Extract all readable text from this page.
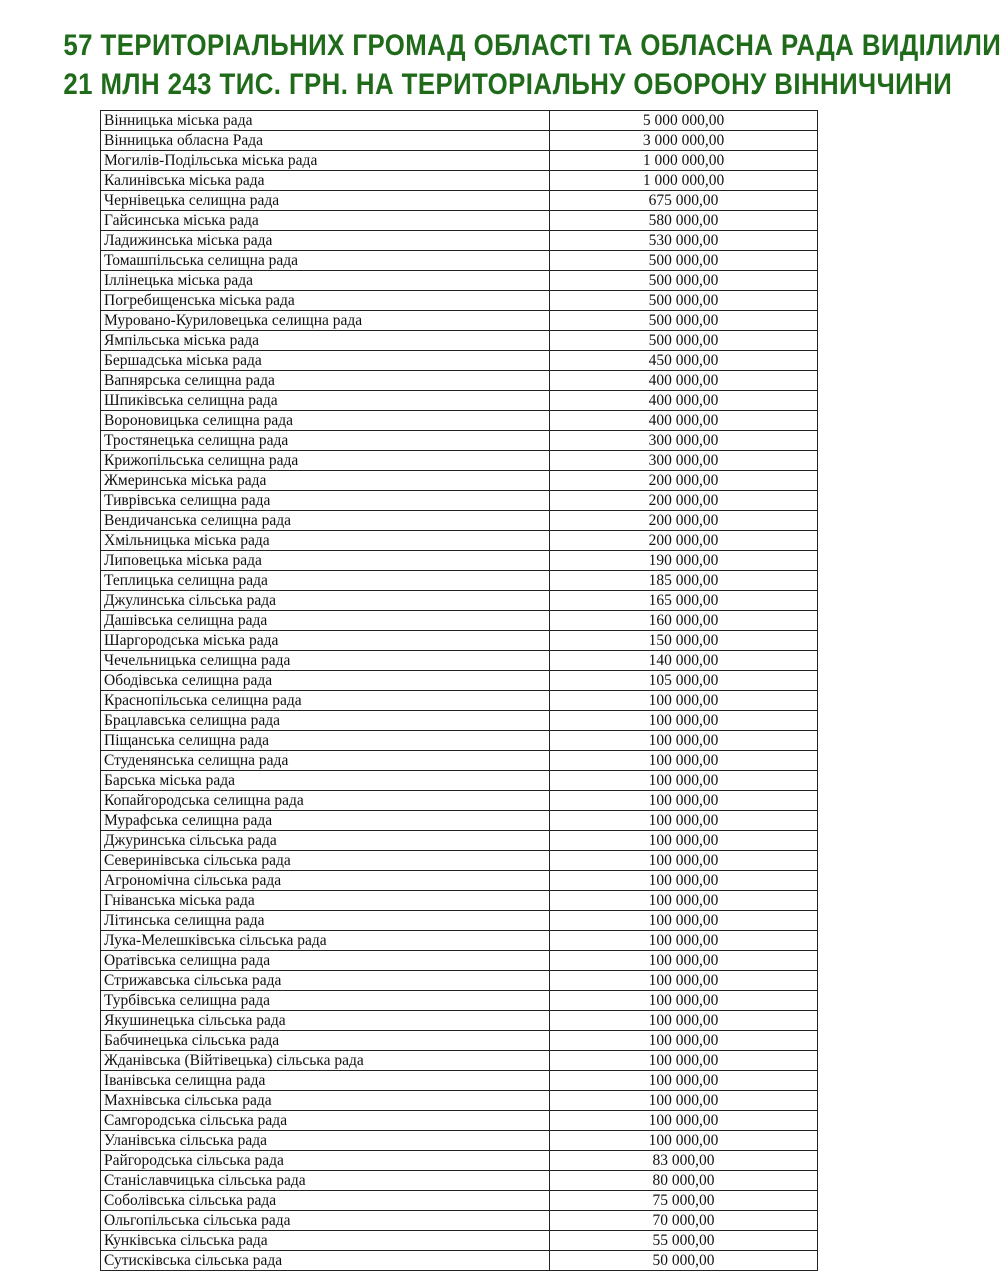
57 ТЕРИТОРІАЛЬНИХ ГРОМАД ОБЛАСТІ ТА ОБЛАСНА РАДА ВИДІЛИЛИ
21 МЛН 243 ТИС. ГРН. НА ТЕРИТОРІАЛЬНУ ОБОРОНУ ВІННИЧЧИНИ
Вінницька міська рада	5 000 000,00
Вінницька обласна Рада	3 000 000,00
Могилів-Подільська міська рада	1 000 000,00
Калинівська міська рада	1 000 000,00
Чернівецька селищна рада	675 000,00
Гайсинська міська рада	580 000,00
Ладижинська міська рада	530 000,00
Томашпільська селищна рада	500 000,00
Іллінецька міська рада	500 000,00
Погребищенська міська рада	500 000,00
Муровано-Куриловецька селищна рада	500 000,00
Ямпільська міська рада	500 000,00
Бершадська міська рада	450 000,00
Вапнярська селищна рада	400 000,00
Шпиківська селищна рада	400 000,00
Вороновицька селищна рада	400 000,00
Тростянецька селищна рада	300 000,00
Крижопільська селищна рада	300 000,00
Жмеринська міська рада	200 000,00
Тиврівська селищна рада	200 000,00
Вендичанська селищна рада	200 000,00
Хмільницька міська рада	200 000,00
Липовецька міська рада	190 000,00
Теплицька селищна рада	185 000,00
Джулинська сільська рада	165 000,00
Дашівська селищна рада	160 000,00
Шаргородська міська рада	150 000,00
Чечельницька селищна рада	140 000,00
Ободівська селищна рада	105 000,00
Краснопільська селищна рада	100 000,00
Брацлавська селищна рада	100 000,00
Піщанська селищна рада	100 000,00
Студенянська селищна рада	100 000,00
Барська міська рада	100 000,00
Копайгородська селищна рада	100 000,00
Мурафська селищна рада	100 000,00
Джуринська сільська рада	100 000,00
Северинівська сільська рада	100 000,00
Агрономічна сільська рада	100 000,00
Гніванська міська рада	100 000,00
Літинська селищна рада	100 000,00
Лука-Мелешківська сільська рада	100 000,00
Оратівська селищна рада	100 000,00
Стрижавська сільська рада	100 000,00
Турбівська селищна рада	100 000,00
Якушинецька сільська рада	100 000,00
Бабчинецька сільська рада	100 000,00
Жданівська (Війтівецька) сільська рада	100 000,00
Іванівська селищна рада	100 000,00
Махнівська сільська рада	100 000,00
Самгородська сільська рада	100 000,00
Уланівська сільська рада	100 000,00
Райгородська сільська рада	83 000,00
Станіславчицька сільська рада	80 000,00
Соболівська сільська рада	75 000,00
Ольгопільська сільська рада	70 000,00
Кунківська сільська рада	55 000,00
Сутисківська сільська рада	50 000,00
